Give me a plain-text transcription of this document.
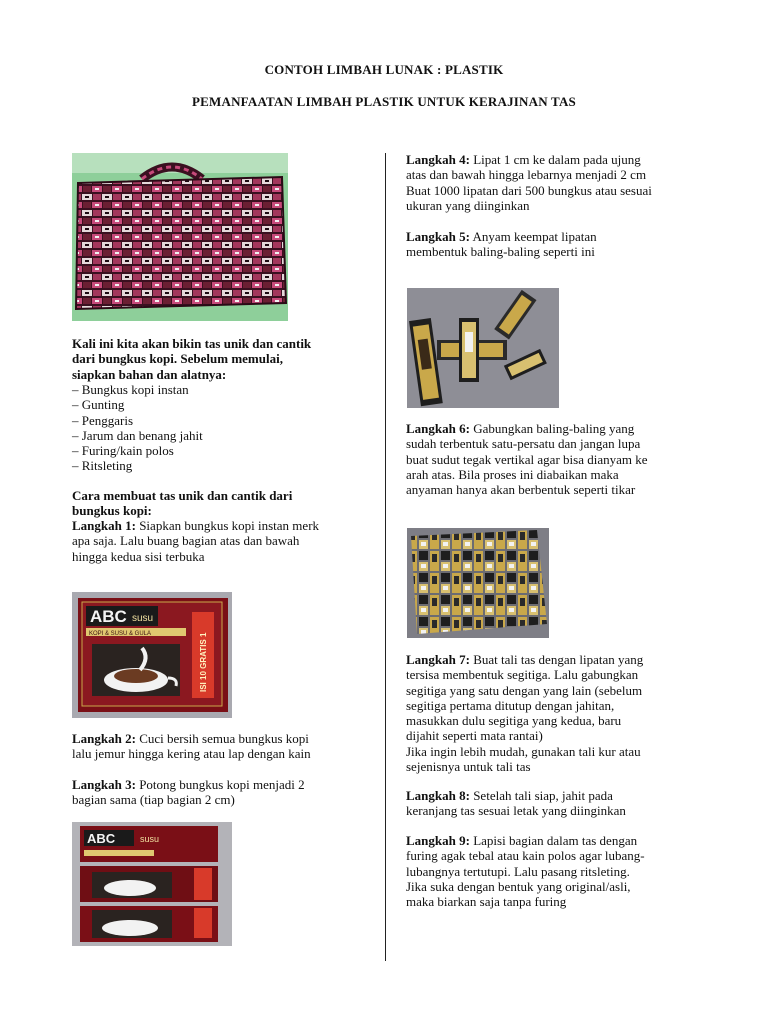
CONTOH LIMBAH LUNAK : PLASTIK
PEMANFAATAN LIMBAH PLASTIK UNTUK KERAJINAN TAS

Kali ini kita akan bikin tas unik dan cantik

dari bungkus kopi. Sebelum memulai,

siapkan bahan dan alatnya:

– Bungkus kopi instan

– Gunting

– Penggaris

– Jarum dan benang jahit

– Furing/kain polos

– Ritsleting

Cara membuat tas unik dan cantik dari

bungkus kopi:

Langkah 1: Siapkan bungkus kopi instan merk

apa saja. Lalu buang bagian atas dan bawah

hingga kedua sisi terbuka

ABC susu
KOPI & SUSU & GULA	ISI 10 GRATIS 1

Langkah 2: Cuci bersih semua bungkus kopi

lalu jemur hingga kering atau lap dengan kain

Langkah 3: Potong bungkus kopi menjadi 2

bagian sama (tiap bagian 2 cm)

ABC	susu

Langkah 4: Lipat 1 cm ke dalam pada ujung

atas dan bawah hingga lebarnya menjadi 2 cm

Buat 1000 lipatan dari 500 bungkus atau sesuai

ukuran yang diinginkan

Langkah 5: Anyam keempat lipatan

membentuk baling-baling seperti ini

Langkah 6: Gabungkan baling-baling yang

sudah terbentuk satu-persatu dan jangan lupa

buat sudut tegak vertikal agar bisa dianyam ke

arah atas. Bila proses ini diabaikan maka

anyaman hanya akan berbentuk seperti tikar

Langkah 7: Buat tali tas dengan lipatan yang

tersisa membentuk segitiga. Lalu gabungkan

segitiga yang satu dengan yang lain (sebelum

segitiga pertama ditutup dengan jahitan,

masukkan dulu segitiga yang kedua, baru

dijahit seperti mata rantai)

Jika ingin lebih mudah, gunakan tali kur atau

sejenisnya untuk tali tas

Langkah 8: Setelah tali siap, jahit pada

keranjang tas sesuai letak yang diinginkan

Langkah 9: Lapisi bagian dalam tas dengan

furing agak tebal atau kain polos agar lubang-

lubangnya tertutupi. Lalu pasang ritsleting.

Jika suka dengan bentuk yang original/asli,

maka biarkan saja tanpa furing
